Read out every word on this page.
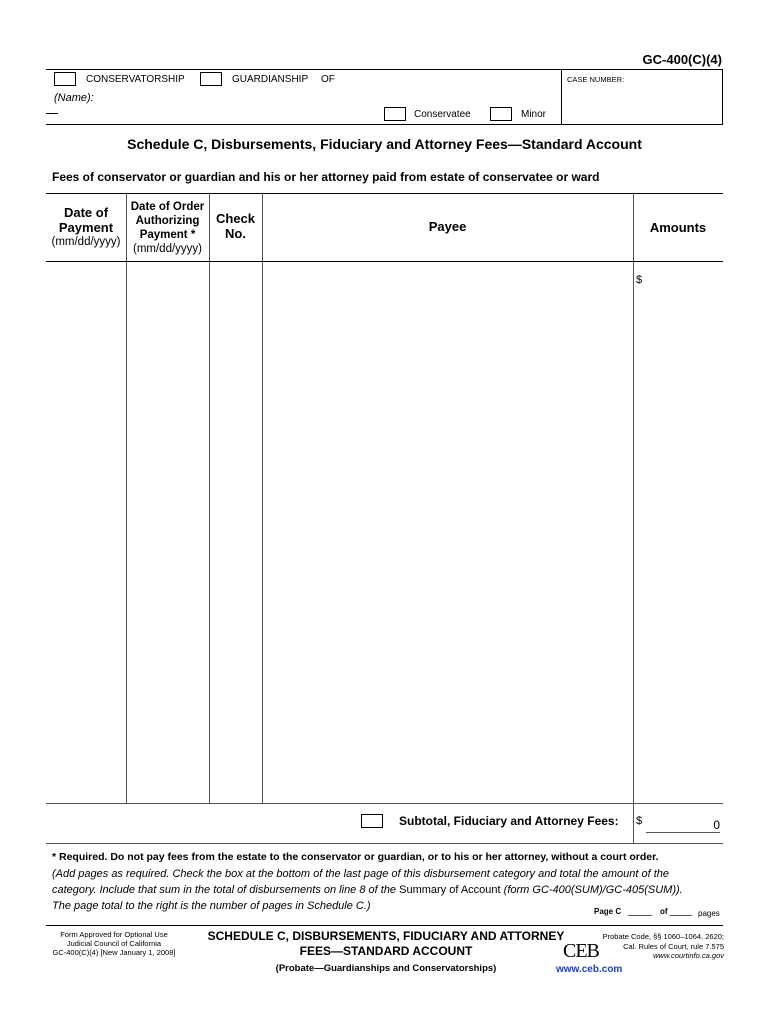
GC-400(C)(4)
CONSERVATORSHIP	GUARDIANSHIP OF	CASE NUMBER:
(Name):
Conservatee	Minor
Schedule C, Disbursements, Fiduciary and Attorney Fees—Standard Account
Fees of conservator or guardian and his or her attorney paid from estate of conservatee or ward
Date of
Payment
(mm/dd/yyyy)
Date of Order
Authorizing
Payment *
(mm/dd/yyyy)
Check
No.	Payee	Amounts
$
Subtotal, Fiduciary and Attorney Fees: $	0
* Required. Do not pay fees from the estate to the conservator or guardian, or to his or her attorney, without a court order.
(Add pages as required. Check the box at the bottom of the last page of this disbursement category and total the amount of the
category. Include that sum in the total of disbursements on line 8 of the Summary of Account (form GC-400(SUM)/GC-405(SUM)).
The page total to the right is the number of pages in Schedule C.)	Page C	of	pages
Form Approved for Optional Use
Judicial Council of California
GC-400(C)(4) [New January 1, 2008]
SCHEDULE C, DISBURSEMENTS, FIDUCIARY AND ATTORNEY
FEES—STANDARD ACCOUNT
(Probate—Guardianships and Conservatorships)
CEB
www.ceb.com
Probate Code, §§ 1060–1064, 2620;
Cal. Rules of Court, rule 7.575
www.courtinfo.ca.gov
